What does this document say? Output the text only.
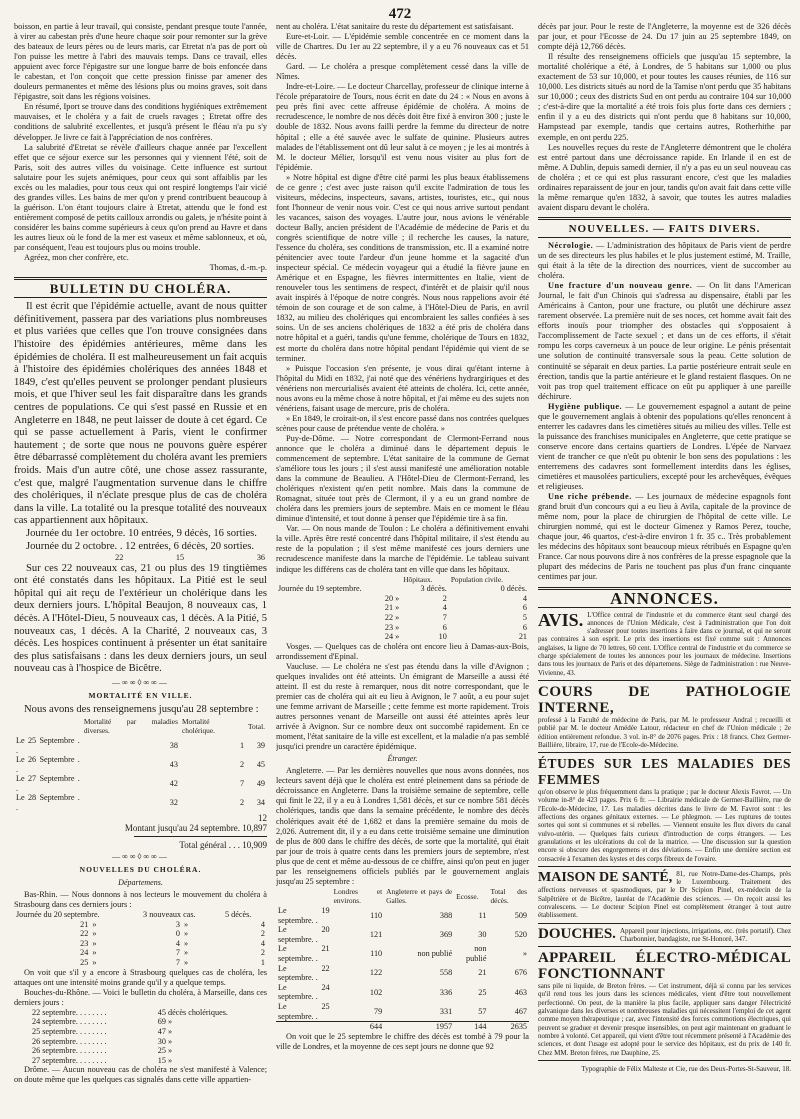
472

boisson, en partie à leur travail, qui consiste, pendant presque toute l'année, à virer au cabestan près d'une heure chaque soir pour remonter sur la grève des bateaux de leurs pères ou de leurs maris, car Etretat n'a pas de port où l'on puisse les mettre à l'abri des mauvais temps. Dans ce travail, elles appuient avec force l'épigastre sur une longue barre de bois enfoncée dans le cabestan, et l'on conçoit que cette pression finisse par amener des douleurs permanentes et même des lésions plus ou moins graves, soit dans l'épigastre, soit dans les régions voisines.

En résumé, Iport se trouve dans des conditions hygiéniques extrêmement mauvaises, et le choléra y a fait de cruels ravages ; Etretat offre des conditions de salubrité excellentes, et jusqu'à présent le fléau n'a pu s'y développer. Je livre ce fait à l'appréciation de nos confrères.

La salubrité d'Etretat se révèle d'ailleurs chaque année par l'excellent effet que ce séjour exerce sur les personnes qui y viennent l'été, soit de Paris, soit des autres villes du voisinage. Cette influence est surtout salutaire pour les sujets anémiques, pour ceux qui sont affaiblis par les excès ou les maladies, pour tous ceux qui ont respiré longtemps l'air vicié des grandes villes. Les bains de mer qu'on y prend contribuent beaucoup à la guérison. L'on étant toujours claire à Etretat, attendu que le fond est entièrement composé de petits cailloux arrondis ou galets, je n'hésite point à considérer les bains comme supérieurs à ceux qu'on prend au Havre et dans les autres lieux où le fond de la mer est vaseux et même sablonneux, et où, par conséquent, l'eau est toujours plus ou moins trouble.

Agréez, mon cher confrère, etc.

Thomas, d.-m.-p.

BULLETIN DU CHOLÉRA.

Il est écrit que l'épidémie actuelle, avant de nous quitter définitivement, passera par des variations plus nombreuses et plus variées que celles que l'on trouve consignées dans l'histoire des épidémies antérieures, même dans les épidémies de choléra. Il est malheureusement un fait acquis à l'histoire des épidémies cholériques des années 1848 et 1849, c'est qu'elles peuvent se prolonger pendant plusieurs mois, et que l'hiver seul les fait disparaître dans les grands centres de populations. Ce qui s'est passé en Russie et en Angleterre en 1848, ne peut laisser de doute à cet égard. Ce qui se passe actuellement à Paris, vient le confirmer hautement ; de sorte que nous ne pouvons guère espérer être débarrassé complètement du choléra avant les premiers froids. Mais d'un autre côté, une chose assez rassurante, c'est que, malgré l'augmentation survenue dans le chiffre des cholériques, il n'éclate presque plus de cas de choléra dans la ville. La totalité ou la presque totalité des nouveaux cas appartiennent aux hôpitaux.

Journée du 1er octobre. 10 entrées, 9 décès, 16 sorties.

Journée du 2 octobre. . 12 entrées, 6 décès, 20 sorties.

22	15	36

Sur ces 22 nouveaux cas, 21 ou plus des 19 tingtièmes ont été constatés dans les hôpitaux. La Pitié est le seul hôpital qui ait reçu de l'extérieur un cholérique dans les deux derniers jours. L'hôpital Beaujon, 8 nouveaux cas, 1 décès. A l'Hôtel-Dieu, 5 nouveaux cas, 1 décès. A la Pitié, 5 nouveaux cas, 1 décès. A la Charité, 2 nouveaux cas, 3 décès. Les hospices continuent à présenter un état sanitaire des plus satisfaisans : dans les deux derniers jours, un seul nouveau cas à l'hospice de Bicêtre.

—∞∞◊∞∞—
MORTALITÉ EN VILLE.

Nous avons des renseignemens jusqu'au 28 septembre :

	Mortalité par maladies diverses.	Mortalité cholérique.	Total.
Le 25 Septembre . .	38	1	39
Le 26 Septembre . .	43	2	45
Le 27 Septembre . .	42	7	49
Le 28 Septembre . .	32	2	34
12
Montant jusqu'au 24 septembre. 10,897
Total général . . . 10,909
—∞∞◊∞∞—
NOUVELLES DU CHOLÉRA.
Départemens.

Bas-Rhin. — Nous donnons à nos lecteurs le mouvement du choléra à Strasbourg dans ces derniers jours :

Journée du 20 septembre.		3 nouveaux cas.		5 décès.
21	»	3	»	4
22	»	0	»	2
23	»	4	»	4
24	»	7	»	2
25	»	7	»	1

On voit que s'il y a encore à Strasbourg quelques cas de choléra, les attaques ont une intensité moins grande qu'il y a quelque temps.

Bouches-du-Rhône. — Voici le bulletin du choléra, à Marseille, dans ces derniers jours :

22 septembre. . . . . . . .	45 décès cholériques.
24 septembre. . . . . . . .	69 »
25 septembre. . . . . . . .	47 »
26 septembre. . . . . . . .	30 »
26 septembre. . . . . . . .	25 »
27 septembre. . . . . . . .	15 »

Drôme. — Aucun nouveau cas de choléra ne s'est manifesté à Valence; on doute même que les quelques cas signalés dans cette ville appartien-

nent au choléra. L'état sanitaire du reste du département est satisfaisant.

Eure-et-Loir. — L'épidémie semble concentrée en ce moment dans la ville de Chartres. Du 1er au 22 septembre, il y a eu 76 nouveaux cas et 51 décès.

Gard. — Le choléra a presque complètement cessé dans la ville de Nîmes.

Indre-et-Loire. — Le docteur Charcellay, professeur de clinique interne à l'école préparatoire de Tours, nous écrit en date du 24 : « Nous en avons à peu près fini avec cette affreuse épidémie de choléra. A moins de recrudescence, le nombre de nos décès doit être fixé à environ 300 ; juste le double de 1832. Nous avons failli perdre la femme du directeur de notre hôpital ; elle a été sauvée avec le sulfate de quinine. Plusieurs autres malades de l'établissement ont dû leur salut à ce moyen ; je les ai montrés à M. le docteur Mélier, lorsqu'il est venu nous visiter au plus fort de l'épidémie.

» Notre hôpital est digne d'être cité parmi les plus beaux établissemens de ce genre ; c'est avec juste raison qu'il excite l'admiration de tous les visiteurs, médecins, inspecteurs, savans, artistes, touristes, etc., qui nous font l'honneur de venir nous voir. C'est ce qui nous arrive surtout pendant les vacances, saison des voyages. L'autre jour, nous avions le vénérable docteur Bally, ancien président de l'Académie de médecine de Paris et du congrès scientifique de notre ville ; il recherche les causes, la nature, l'essence du choléra, ses conditions de transmission, etc. Il a examiné notre pénitencier avec toute l'ardeur d'un jeune homme et la sagacité d'un inspecteur spécial. Ce médecin voyageur qui a étudié la fièvre jaune en Amérique et en Espagne, les fièvres intermittentes en Italie, vient de renouveler tous les sentimens de respect, d'intérêt et de plaisir qu'il nous avait inspirés à l'époque de notre congrès. Nous nous rappelions avoir été témoin de son courage et de son calme, à l'Hôtel-Dieu de Paris, en avril 1832, au milieu des cholériques qui encombraient les salles confiées à ses soins. Un de ses anciens cholériques de 1832 a été pris de choléra dans notre hôpital et a guéri, tandis qu'une femme, cholérique de Tours en 1832, est morte du choléra dans notre hôpital pendant l'épidémie qui vient de se terminer.

» Puisque l'occasion s'en présente, je vous dirai qu'étant interne à l'hôpital du Midi en 1832, j'ai noté que des vénériens hydrargiriques et des vénériens non mercurialisés avaient été atteints de choléra. Ici, cette année, nous avons eu la même chose à notre hôpital, et j'ai même eu des sujets non vénériens, faisant usage de mercure, pris de choléra.

» En 1849, le croirait-on, il s'est encore passé dans nos contrées quelques scènes pour cause de prétendue vente de choléra. »

Puy-de-Dôme. — Notre correspondant de Clermont-Ferrand nous annonce que le choléra a diminué dans le département depuis le commencement de septembre. L'état sanitaire de la commune de Gernat s'améliore tous les jours ; il s'est aussi manifesté une amélioration notable dans la commune de Beaulieu. A l'Hôtel-Dieu de Clermont-Ferrand, les cholériques n'existent qu'en petit nombre. Mais dans la commune de Romagnat, située tout près de Clermont, il y a eu un grand nombre de choléra dans les premiers jours de septembre. Mais en ce moment le fléau diminue d'intensité, et tout donne à penser que l'épidémie tire à sa fin.

Var. — On nous mande de Toulon : Le choléra a définitivement envahi la ville. Après être resté concentré dans l'hôpital militaire, il s'est étendu au reste de la population ; il s'est même manifesté ces jours derniers une recrudescence manifeste dans la marche de l'épidémie. Le tableau suivant indique les différens cas de choléra tant en ville que dans les hôpitaux.

	Hôpitaux.	Population civile.
Journée du 19 septembre.	3 décès.	0 décès.
20 »	2	4
21 »	4	6
22 »	7	5
23 »	6	6
24 »	10	21

Vosges. — Quelques cas de choléra ont encore lieu à Damas-aux-Bois, arrondissement d'Epinal.

Vaucluse. — Le choléra ne s'est pas étendu dans la ville d'Avignon ; quelques invalides ont été atteints. Un émigrant de Marseille a aussi été atteint. Il est du reste à remarquer, nous dit notre correspondant, que le premier cas de choléra qui ait eu lieu à Avignon, le 7 août, a eu pour sujet une femme arrivant de Marseille ; cette femme est morte rapidement. Trois autres personnes venant de Marseille ont aussi été atteintes après leur arrivée à Avignon. Sur ce nombre deux ont succombé rapidement. En ce moment, l'état sanitaire de la ville est excellent, et la maladie n'a pas semblé jusqu'ici prendre un caractère épidémique.

Étranger.

Angleterre. — Par les dernières nouvelles que nous avons données, nos lecteurs savent déjà que le choléra est entré pleinement dans sa période de décroissance en Angleterre. Dans la troisième semaine de septembre, celle qui finit le 22, il y a eu à Londres 1,581 décès, et sur ce nombre 581 décès cholériques, tandis que dans la semaine précédente, le nombre des décès cholériques avait été de 1,682 et dans la première semaine du mois de 2,026. Autrement dit, il y a eu dans cette troisième semaine une diminution de plus de 800 dans le chiffre des décès, de sorte que la mortalité, qui était par jour de trois à quatre cents dans les premiers jours de septembre, n'est plus que de cent et même au-dessous de ce chiffre, ainsi qu'on peut en juger par les renseignemens officiels publiés par le gouvernement anglais jusqu'au 25 septembre :

	Londres et environs.	Angleterre et pays de Galles.	Ecosse.	Total des décès.
Le 19 septembre. .	110	388	11	509
Le 20 septembre. .	121	369	30	520
Le 21 septembre. .	110	non publié	non publié	»
Le 22 septembre. .	122	558	21	676
Le 24 septembre. .	102	336	25	463
Le 25 septembre. .	79	331	57	467
	644	1957	144	2635

On voit que le 25 septembre le chiffre des décès est tombé à 79 pour la ville de Londres, et la moyenne de ces sept jours ne donne que 92

décès par jour. Pour le reste de l'Angleterre, la moyenne est de 326 décès par jour, et pour l'Ecosse de 24. Du 17 juin au 25 septembre 1849, on compte déjà 12,766 décès.

Il résulte des renseignemens officiels que jusqu'au 15 septembre, la mortalité cholérique a été, à Londres, de 5 habitans sur 1,000 ou plus exactement de 53 sur 10,000, et pour toutes les causes réunies, de 116 sur 10,000. Les districts situés au nord de la Tamise n'ont perdu que 35 habitans sur 10,000 ; ceux des districts Sud en ont perdu au contraire 104 sur 10,000 ; c'est-à-dire que la mortalité a été trois fois plus forte dans ces derniers ; enfin il y a eu des districts qui n'ont perdu que 8 habitans sur 10,000, Hampstead par exemple, tandis que certains autres, Rotherhithe par exemple, en ont perdu 225.

Les nouvelles reçues du reste de l'Angleterre démontrent que le choléra est entré partout dans une décroissance rapide. En Irlande il en est de même. A Dublin, depuis samedi dernier, il n'y a pas eu un seul nouveau cas de choléra ; et ce qui est plus rassurant encore, c'est que les maladies ordinaires reparaissent de jour en jour, tandis qu'on avait fait dans cette ville la même remarque qu'en 1832, à savoir, que toutes les autres maladies avaient disparu devant le choléra.

NOUVELLES. — FAITS DIVERS.

Nécrologie. — L'administration des hôpitaux de Paris vient de perdre un de ses directeurs les plus habiles et le plus justement estimé, M. Traille, qui était à la tête de la direction des nourrices, vient de succomber au choléra.

Une fracture d'un nouveau genre. — On lit dans l'American Journal, le fait d'un Chinois qui s'adressa au dispensaire, établi par les Américains à Canton, pour une fracture, ou plutôt une déchirure assez rarement observée. La première nuit de ses noces, cet homme avait fait des efforts inouïs pour triompher des obstacles qui s'opposaient à l'accomplissement de l'acte sexuel ; et dans un de ces efforts, il s'était rompu les corps caverneux à un pouce de leur origine. Le pénis présentait une solution de continuité transversale sous la peau. Cette solution de continuité se séparait en deux parties. La partie postérieure entrait seule en érection, tandis que la partie antérieure et le gland restaient flasques. On ne voit pas trop quel traitement efficace on eût pu appliquer à une pareille déchirure.

Hygiène publique. — Le gouvernement espagnol a autant de peine que le gouvernement anglais à obtenir des populations qu'elles renoncent à enterrer les cadavres dans les cimetières situés au milieu des villes. Telle est la puissance des franchises municipales en Angleterre, que cette pratique se conserve encore dans certains quartiers de Londres. L'épée de Narvaez vient de trancher ce que n'eût pu obtenir le bon sens des populations : les enterremens des cadavres sont formellement interdits dans les églises, cimetières et mausolées particuliers, excepté pour les archevêques, évêques et religieuses.

Une riche prébende. — Les journaux de médecine espagnols font grand bruit d'un concours qui a eu lieu à Avila, capitale de la province de même nom, pour la place de chirurgien de l'hôpital de cette ville. Le chirurgien nommé, qui est le docteur Gimenez y Ramos Perez, touche, chaque jour, 46 quartos, c'est-à-dire environ 1 fr. 35 c.. Très probablement les médecins des hôpitaux sont beaucoup mieux rétribués en Espagne qu'en France. Car nous pouvons dire à nos confrères de la presse espagnole que la plupart des médecins de Paris ne touchent pas plus d'un franc cinquante centimes par jour.

ANNONCES.
AVIS. L'Office central de l'industrie et du commerce étant seul chargé des annonces de l'Union Médicale, c'est à l'administration que l'on doit s'adresser pour toutes insertions à faire dans ce journal, et qui ne seront pas contraires à son esprit. Le prix des insertions est fixé comme suit : Annonces anglaises, la ligne de 70 lettres, 60 cent. L'Office central de l'industrie et du commerce se charge spécialement de toutes les annonces pour les journaux de médecine. Insertions dans tous les journaux de Paris et des départemens. Siège de l'administration : rue Neuve-Vivienne, 43.
COURS DE PATHOLOGIE INTERNE,
professé à la Faculté de médecine de Paris, par M. le professeur Andral ; recueilli et publié par M. le docteur Amédée Latour, rédacteur en chef de l'Union médicale ; 2e édition entièrement refondue. 3 vol. in-8° de 2076 pages. Prix : 18 francs. Chez Germer-Baillière, libraire, 17, rue de l'Ecole-de-Médecine.
ÉTUDES SUR LES MALADIES DES FEMMES
qu'on observe le plus fréquemment dans la pratique ; par le docteur Alexis Favrot. — Un volume in-8° de 423 pages. Prix 6 fr. — Librairie médicale de Germer-Baillière, rue de l'Ecole-de-Médecine, 17. Les maladies décrites dans le livre de M. Favrot sont : les affections des organes génitaux externes. — Le phlegmon. — Les ruptures de toutes sortes qui sont si communes et si rebelles. — Viennent ensuite les flux divers du canal vulvo-utérin. — Quelques faits curieux d'introduction de corps étrangers. — Les granulations et les ulcérations du col de la matrice. — Une discussion sur la question encore si obscure des engorgemens et des déviations. — Enfin une dernière section est consacrée à l'examen des kystes et des corps fibreux de l'ovaire.
MAISON DE SANTÉ, 81, rue Notre-Dame-des-Champs, près le Luxembourg. Traitement des affections nerveuses et spasmodiques, par le Dr Scipion Pinel, ex-médecin de la Salpêtrière et de Bicêtre, lauréat de l'Académie des sciences. — On reçoit aussi les convalescens. — Le docteur Scipion Pinel est complètement étranger à tout autre établissement.
DOUCHES. Appareil pour injections, irrigations, etc. (très portatif). Chez Charbonnier, bandagiste, rue St-Honoré, 347.
APPAREIL ÉLECTRO-MÉDICAL FONCTIONNANT
sans pile ni liquide, de Breton frères. — Cet instrument, déjà si connu par les services qu'il rend tous les jours dans les sciences médicales, vient d'être tout nouvellement perfectionné. On peut, de la manière la plus facile, appliquer sans danger l'électricité galvanique dans les diverses et nombreuses maladies qui nécessitent l'emploi de cet agent comme moyen thérapeutique ; car, avec l'intensité des forces commotions électriques, qui peuvent se graduer et devenir presque insensibles, on peut agir maintenant en graduant le nombre à volonté. Cet appareil, qui vient d'être tout récemment présenté à l'Académie des sciences, et dont l'usage est adopté pour le service des hôpitaux, est du prix de 140 fr. Chez MM. Breton frères, rue Dauphine, 25.
Typographie de Félix Malteste et Cie, rue des Deux-Portes-St-Sauveur, 18.
